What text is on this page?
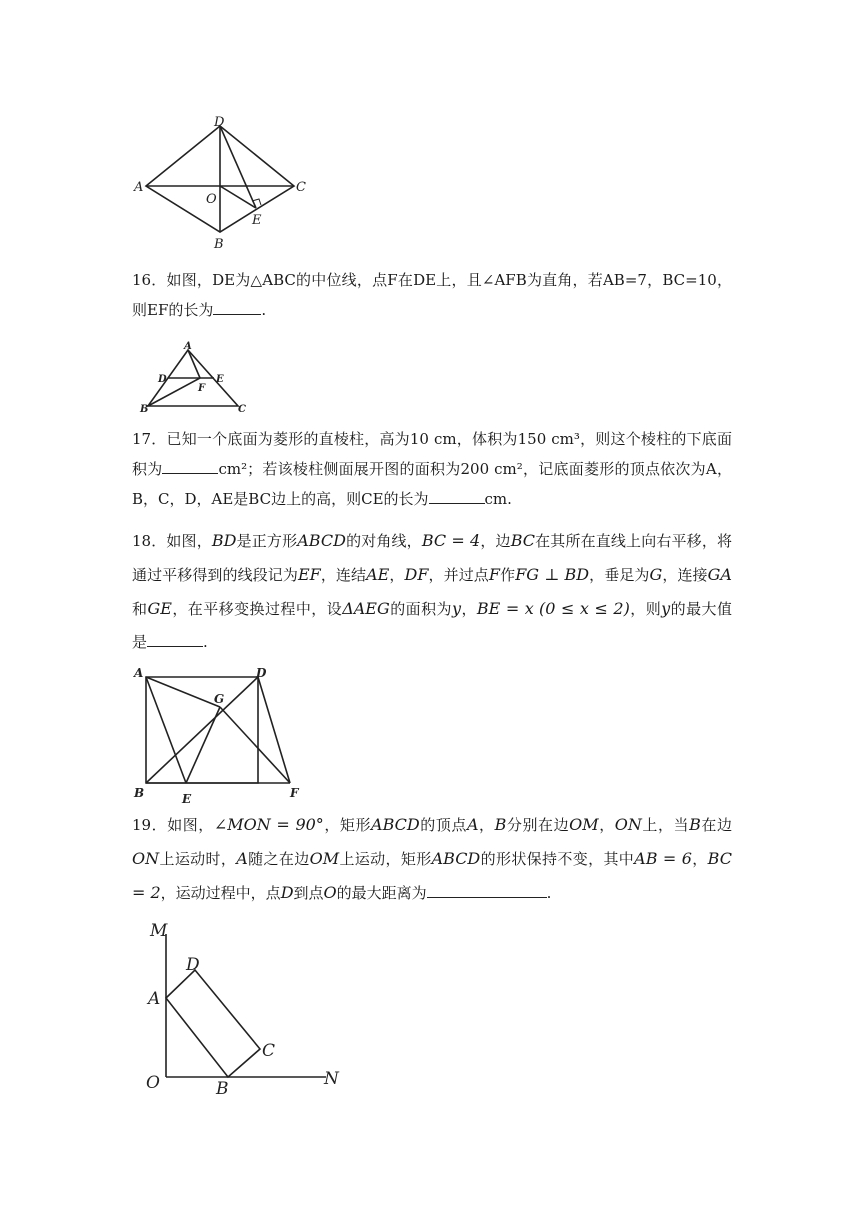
D
A	C
O
E
B

16．如图，DE为△ABC的中位线，点F在DE上，且∠AFB为直角，若AB=7，BC=10，则EF的长为	.

A
D	E
F
B	C

17．已知一个底面为菱形的直棱柱，高为10 cm，体积为150 cm³，则这个棱柱的下底面积为	cm²；若该棱柱侧面展开图的面积为200 cm²，记底面菱形的顶点依次为A，B，C，D，AE是BC边上的高，则CE的长为	cm.

18．如图，BD是正方形ABCD的对角线，BC = 4，边BC在其所在直线上向右平移，将通过平移得到的线段记为EF，连结AE，DF，并过点F作FG ⊥ BD，垂足为G，连接GA和GE，在平移变换过程中，设ΔAEG的面积为y，BE = x (0 ≤ x ≤ 2)，则y的最大值是	.

A	D
G
B	E	F

19．如图，∠MON = 90°，矩形ABCD的顶点A，B分别在边OM，ON上，当B在边ON上运动时，A随之在边OM上运动，矩形ABCD的形状保持不变，其中AB = 6，BC = 2，运动过程中，点D到点O的最大距离为	.

M
N
O
A
D
C
B
